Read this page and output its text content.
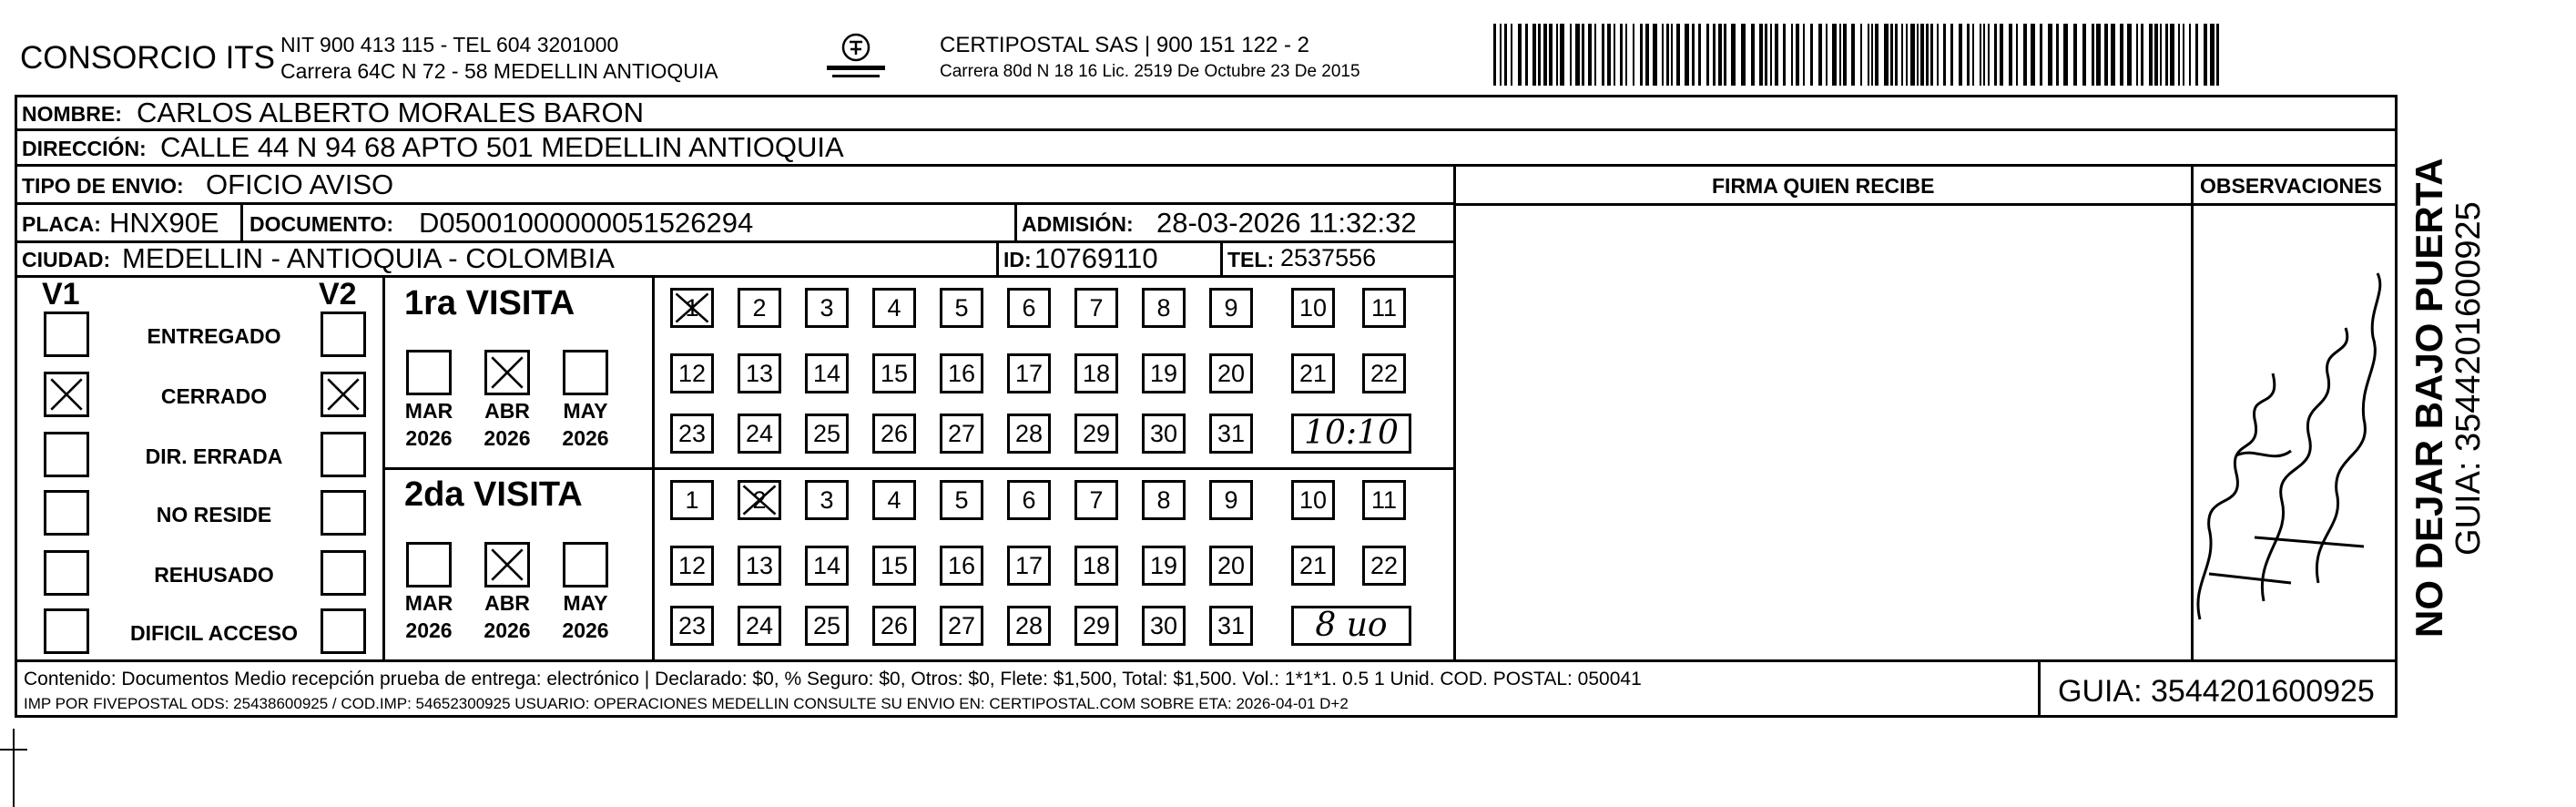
CONSORCIO ITS NIT 900 413 115 - TEL 604 3201000
Carrera 64C N 72 - 58 MEDELLIN ANTIOQUIA
CERTIPOSTAL SAS | 900 151 122 - 2
Carrera 80d N 18 16 Lic. 2519 De Octubre 23 De 2015
NOMBRE: CARLOS ALBERTO MORALES BARON
DIRECCIÓN: CALLE 44 N 94 68 APTO 501 MEDELLIN ANTIOQUIA
TIPO DE ENVIO: OFICIO AVISO	FIRMA QUIEN RECIBE	OBSERVACIONES
PLACA: HNX90E DOCUMENTO: D05001000000051526294	ADMISIÓN: 28-03-2026 11:32:32
CIUDAD: MEDELLIN - ANTIOQUIA - COLOMBIA	ID: 10769110	TEL: 2537556
V1	V2
ENTREGADO
CERRADO
DIR. ERRADA
NO RESIDE
REHUSADO
DIFICIL ACCESO
1ra VISITA
2da VISITA
MAR
2026
ABR
2026
MAY
2026
1	2	3	4	5	6	7	8	9	10	11
12	13	14	15	16	17	18	19	20	21	22
23	24	25	26	27	28	29	30	31	10:10
MAR
2026
ABR
2026
MAY
2026
1	2	3	4	5	6	7	8	9	10	11
12	13	14	15	16	17	18	19	20	21	22
23	24	25	26	27	28	29	30	31	8 uo
Contenido: Documentos Medio recepción prueba de entrega: electrónico | Declarado: $0, % Seguro: $0, Otros: $0, Flete: $1,500, Total: $1,500. Vol.: 1*1*1. 0.5 1 Unid. COD. POSTAL: 050041
IMP POR FIVEPOSTAL ODS: 25438600925 / COD.IMP: 54652300925 USUARIO: OPERACIONES MEDELLIN CONSULTE SU ENVIO EN: CERTIPOSTAL.COM SOBRE ETA: 2026-04-01 D+2	GUIA: 3544201600925
NO DEJAR BAJO PUERTA GUIA: 3544201600925
